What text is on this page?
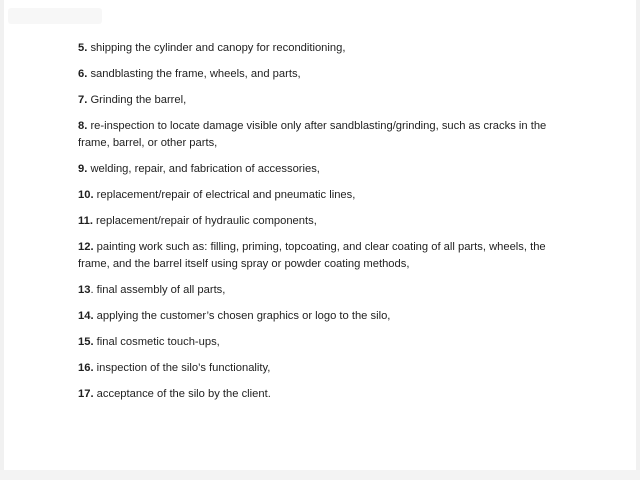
5. shipping the cylinder and canopy for reconditioning,
6. sandblasting the frame, wheels, and parts,
7. Grinding the barrel,
8. re-inspection to locate damage visible only after sandblasting/grinding, such as cracks in the frame, barrel, or other parts,
9. welding, repair, and fabrication of accessories,
10. replacement/repair of electrical and pneumatic lines,
11. replacement/repair of hydraulic components,
12. painting work such as: filling, priming, topcoating, and clear coating of all parts, wheels, the frame, and the barrel itself using spray or powder coating methods,
13. final assembly of all parts,
14. applying the customer’s chosen graphics or logo to the silo,
15. final cosmetic touch-ups,
16. inspection of the silo’s functionality,
17. acceptance of the silo by the client.
